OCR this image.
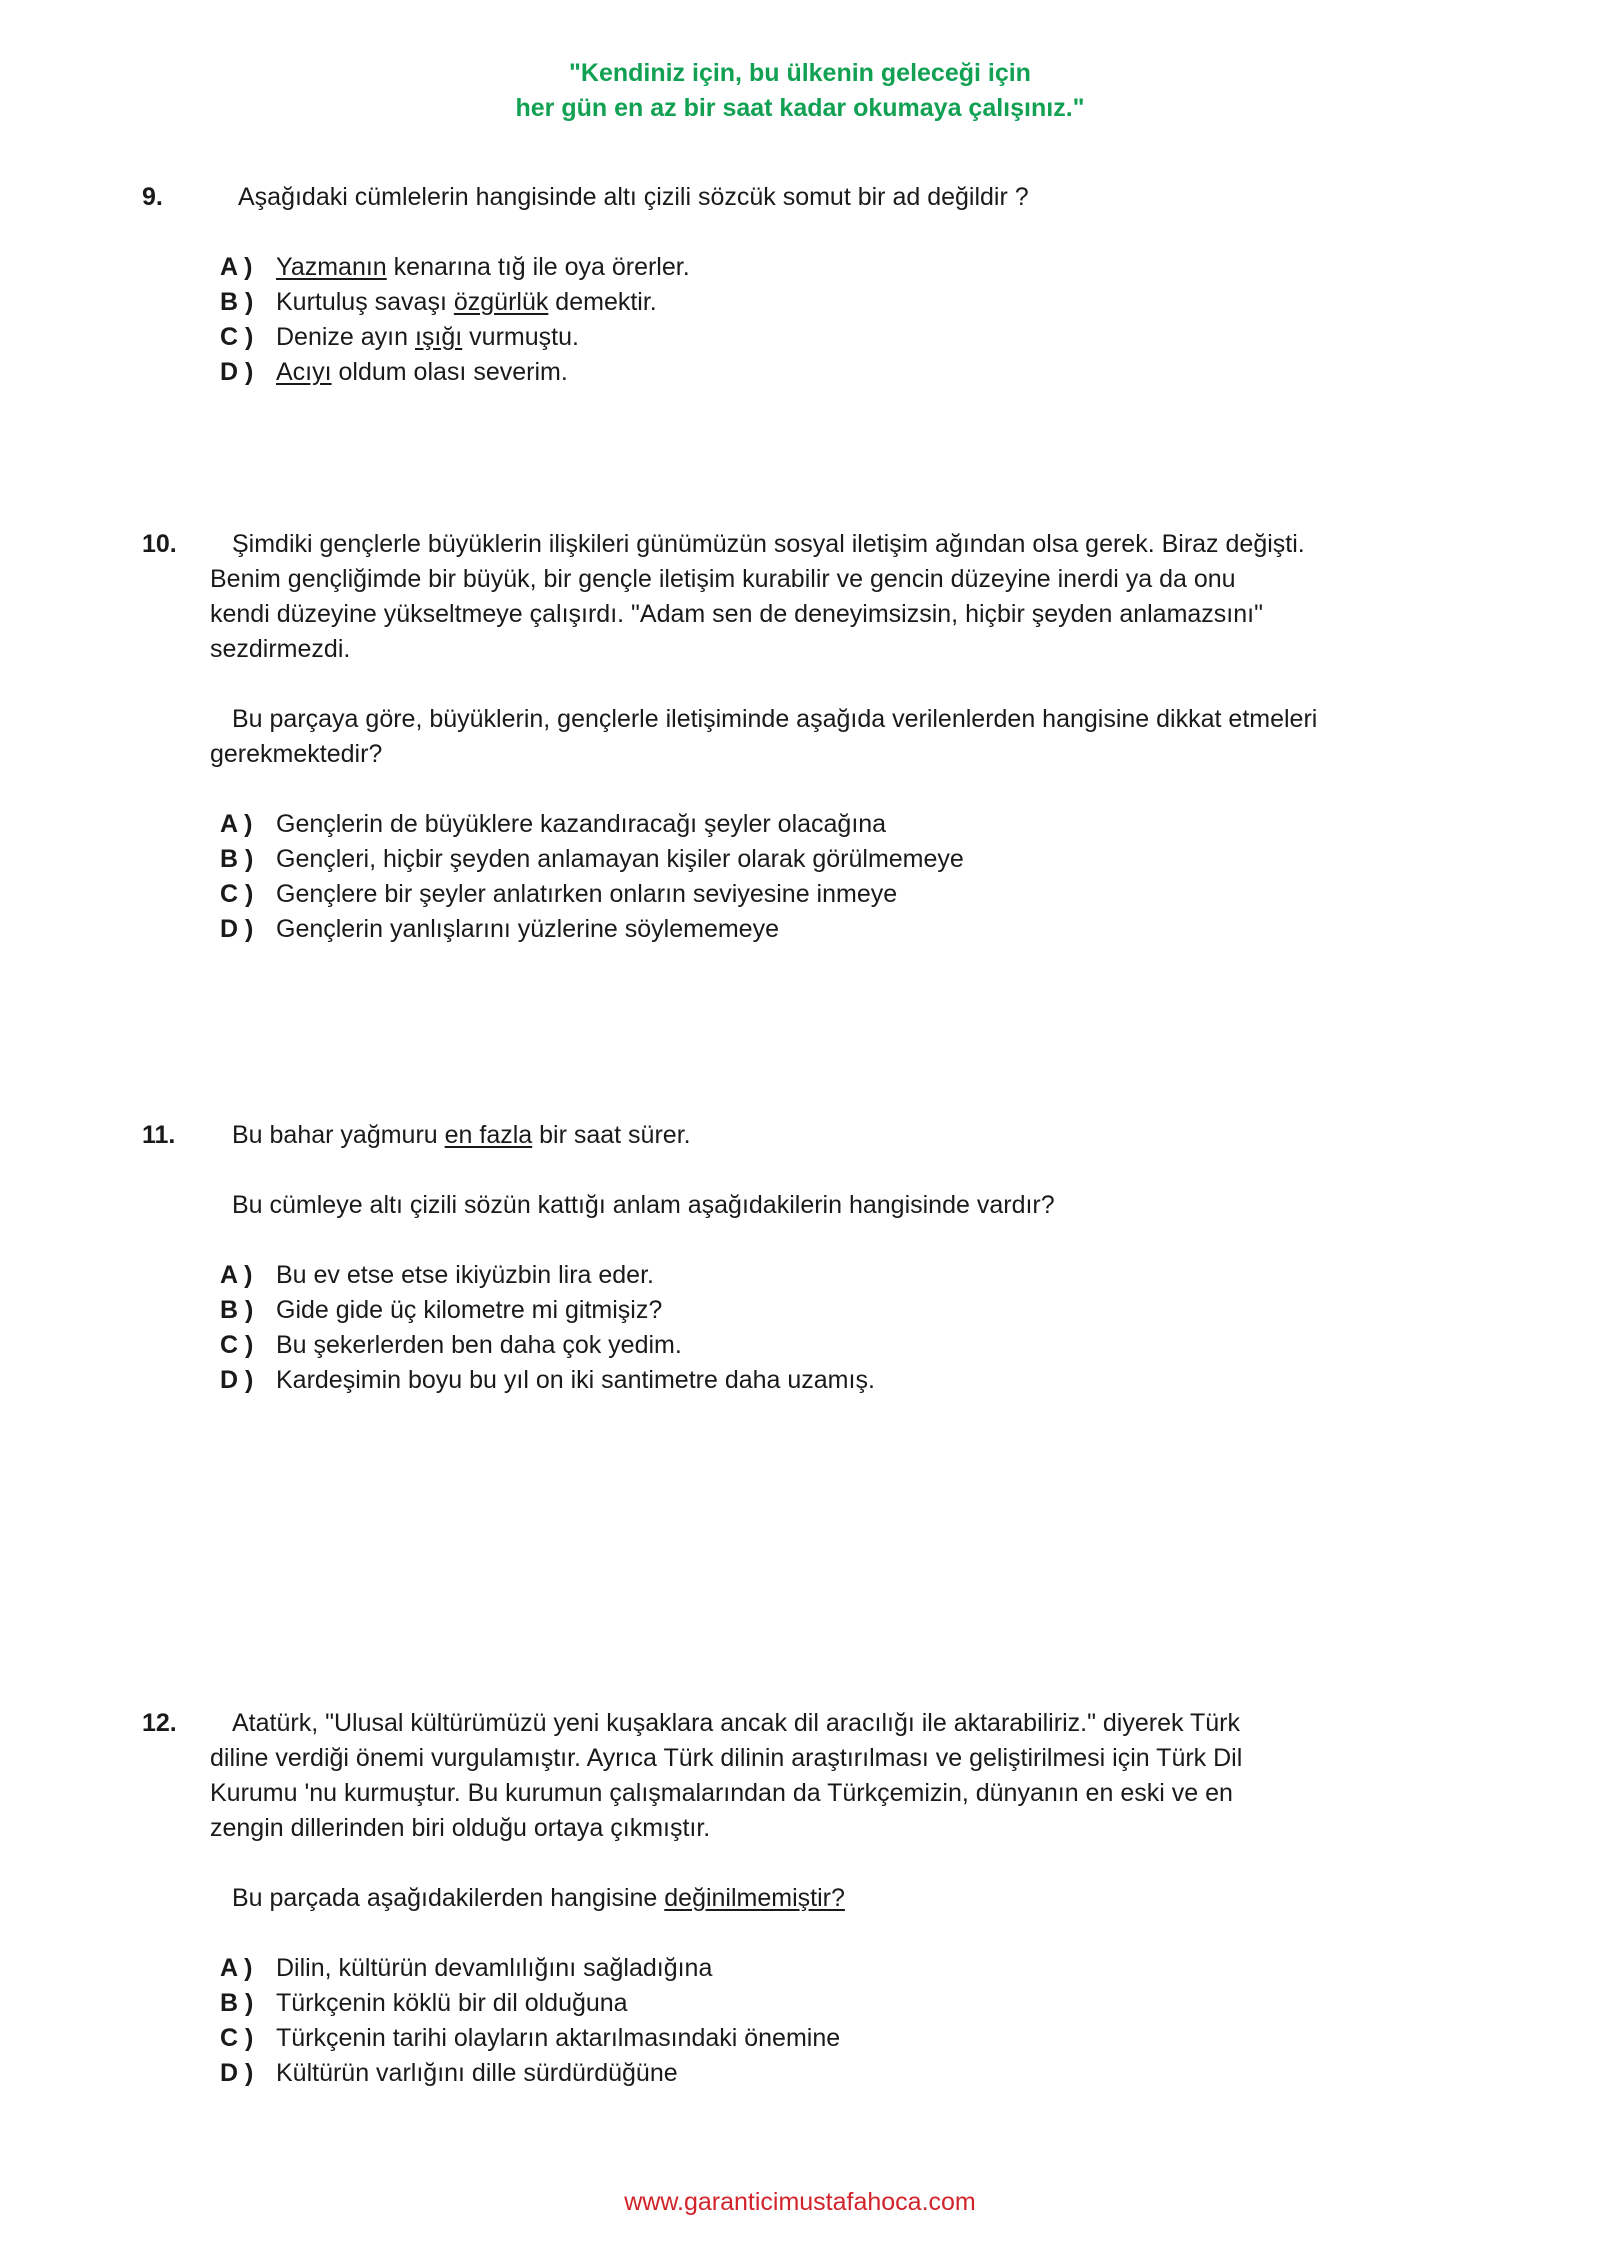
"Kendiniz için, bu ülkenin geleceği için
her gün en az bir saat kadar okumaya çalışınız."
9.	Aşağıdaki cümlelerin hangisinde altı çizili sözcük somut bir ad değildir ?
A ) Yazmanın kenarına tığ ile oya örerler.
B ) Kurtuluş savaşı özgürlük demektir.
C ) Denize ayın ışığı vurmuştu.
D ) Acıyı oldum olası severim.
10.	Şimdiki gençlerle büyüklerin ilişkileri günümüzün sosyal iletişim ağından olsa gerek. Biraz değişti.
Benim gençliğimde bir büyük, bir gençle iletişim kurabilir ve gencin düzeyine inerdi ya da onu
kendi düzeyine yükseltmeye çalışırdı. "Adam sen de deneyimsizsin, hiçbir şeyden anlamazsını"
sezdirmezdi.
Bu parçaya göre, büyüklerin, gençlerle iletişiminde aşağıda verilenlerden hangisine dikkat etmeleri
gerekmektedir?
A ) Gençlerin de büyüklere kazandıracağı şeyler olacağına
B ) Gençleri, hiçbir şeyden anlamayan kişiler olarak görülmemeye
C ) Gençlere bir şeyler anlatırken onların seviyesine inmeye
D ) Gençlerin yanlışlarını yüzlerine söylememeye
11. Bu bahar yağmuru en fazla bir saat sürer.
Bu cümleye altı çizili sözün kattığı anlam aşağıdakilerin hangisinde vardır?
A ) Bu ev etse etse ikiyüzbin lira eder.
B ) Gide gide üç kilometre mi gitmişiz?
C ) Bu şekerlerden ben daha çok yedim.
D ) Kardeşimin boyu bu yıl on iki santimetre daha uzamış.
12.	Atatürk, "Ulusal kültürümüzü yeni kuşaklara ancak dil aracılığı ile aktarabiliriz." diyerek Türk
diline verdiği önemi vurgulamıştır. Ayrıca Türk dilinin araştırılması ve geliştirilmesi için Türk Dil
Kurumu 'nu kurmuştur. Bu kurumun çalışmalarından da Türkçemizin, dünyanın en eski ve en
zengin dillerinden biri olduğu ortaya çıkmıştır.
Bu parçada aşağıdakilerden hangisine değinilmemiştir?
A ) Dilin, kültürün devamlılığını sağladığına
B ) Türkçenin köklü bir dil olduğuna
C ) Türkçenin tarihi olayların aktarılmasındaki önemine
D ) Kültürün varlığını dille sürdürdüğüne
www.garanticimustafahoca.com
